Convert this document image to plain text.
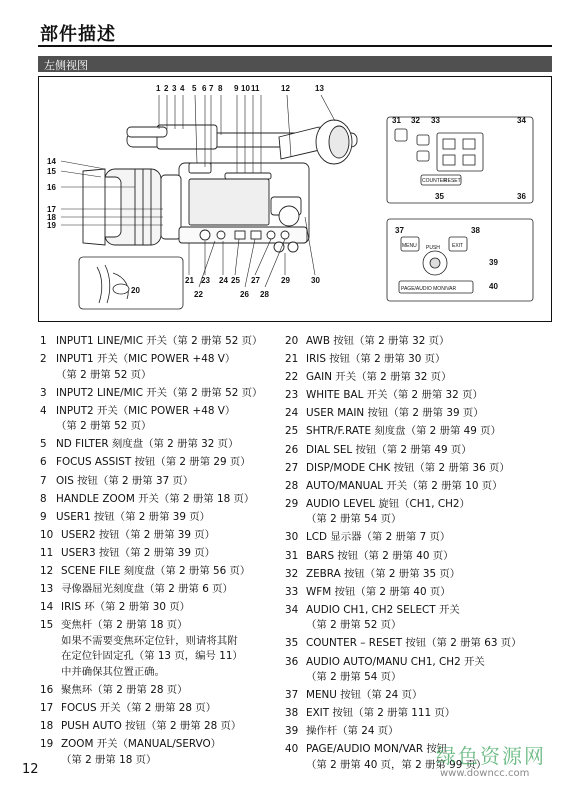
部件描述
左侧视图
1 2 3 4 5 6 7 8 9 10 11	12	13
14
15
16
17
18
19
20
21
22
23 24 25
26
27
28
29	30
31 32 33	34
35	36
37	38
39
40
MENU	EXIT
PUSH
PAGE/AUDIO MON/VAR
COUNTER
RESET
1 INPUT1 LINE/MIC 开关（第 2 册第 52 页）
2 INPUT1 开关（MIC POWER +48 V）
（第 2 册第 52 页）
3 INPUT2 LINE/MIC 开关（第 2 册第 52 页）
4 INPUT2 开关（MIC POWER +48 V）
（第 2 册第 52 页）
5 ND FILTER 刻度盘（第 2 册第 32 页）
6 FOCUS ASSIST 按钮（第 2 册第 29 页）
7 OIS 按钮（第 2 册第 37 页）
8 HANDLE ZOOM 开关（第 2 册第 18 页）
9 USER1 按钮（第 2 册第 39 页）
10 USER2 按钮（第 2 册第 39 页）
11 USER3 按钮（第 2 册第 39 页）
12 SCENE FILE 刻度盘（第 2 册第 56 页）
13 寻像器屈光刻度盘（第 2 册第 6 页）
14 IRIS 环（第 2 册第 30 页）
15 变焦杆（第 2 册第 18 页）
如果不需要变焦环定位针，则请将其附
在定位针固定孔（第 13 页，编号 11）
中并确保其位置正确。
16 聚焦环（第 2 册第 28 页）
17 FOCUS 开关（第 2 册第 28 页）
18 PUSH AUTO 按钮（第 2 册第 28 页）
19 ZOOM 开关（MANUAL/SERVO）
（第 2 册第 18 页）
20 AWB 按钮（第 2 册第 32 页）
21 IRIS 按钮（第 2 册第 30 页）
22 GAIN 开关（第 2 册第 32 页）
23 WHITE BAL 开关（第 2 册第 32 页）
24 USER MAIN 按钮（第 2 册第 39 页）
25 SHTR/F.RATE 刻度盘（第 2 册第 49 页）
26 DIAL SEL 按钮（第 2 册第 49 页）
27 DISP/MODE CHK 按钮（第 2 册第 36 页）
28 AUTO/MANUAL 开关（第 2 册第 10 页）
29 AUDIO LEVEL 旋钮（CH1, CH2）
（第 2 册第 54 页）
30 LCD 显示器（第 2 册第 7 页）
31 BARS 按钮（第 2 册第 40 页）
32 ZEBRA 按钮（第 2 册第 35 页）
33 WFM 按钮（第 2 册第 40 页）
34 AUDIO CH1, CH2 SELECT 开关
（第 2 册第 52 页）
35 COUNTER – RESET 按钮（第 2 册第 63 页）
36 AUDIO AUTO/MANU CH1, CH2 开关
（第 2 册第 54 页）
37 MENU 按钮（第 24 页）
38 EXIT 按钮（第 2 册第 111 页）
39 操作杆（第 24 页）
40 PAGE/AUDIO MON/VAR 按钮
（第 2 册第 40 页，第 2 册第 99 页）
12
绿色资源网
www.downcc.com
